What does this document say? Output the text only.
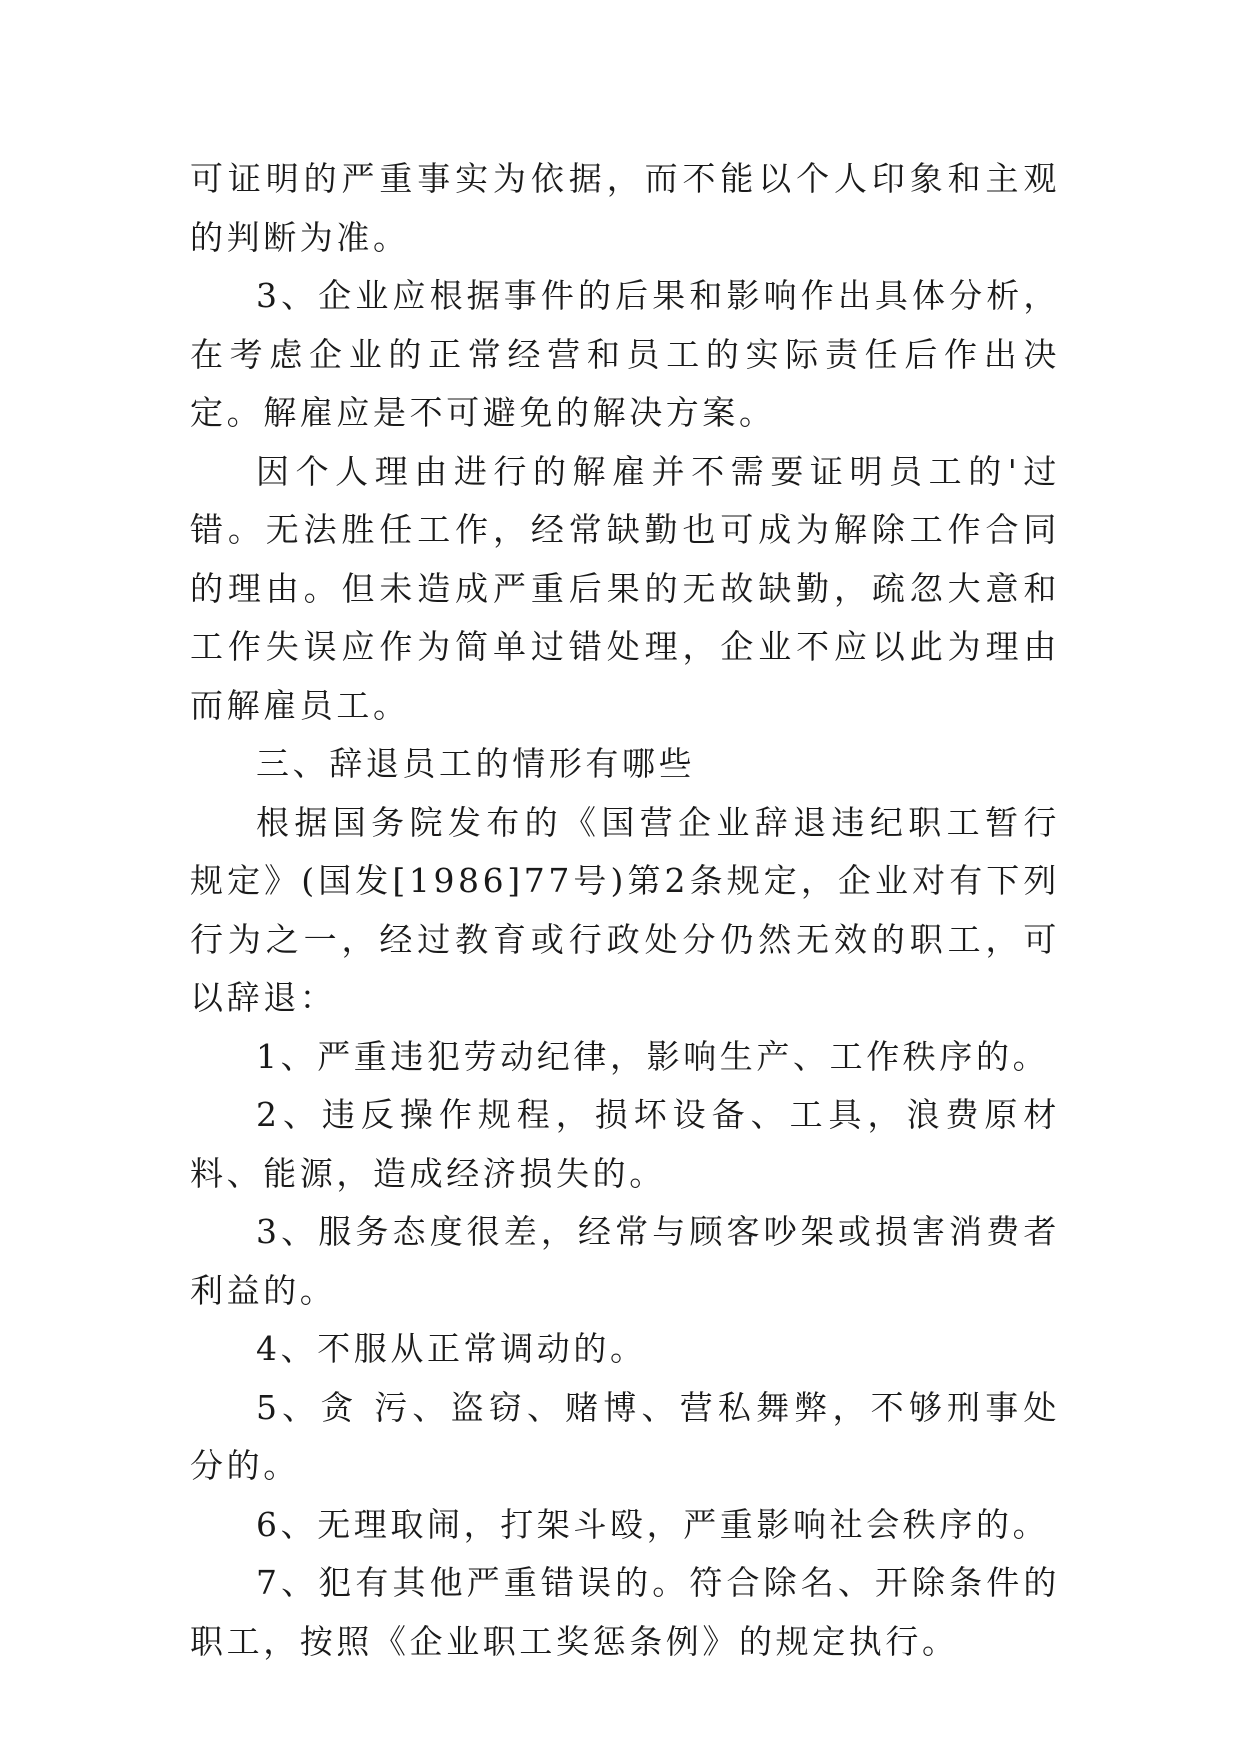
可证明的严重事实为依据，而不能以个人印象和主观的判断为准。

3、企业应根据事件的后果和影响作出具体分析，在考虑企业的正常经营和员工的实际责任后作出决定。解雇应是不可避免的解决方案。

因个人理由进行的解雇并不需要证明员工的'过错。无法胜任工作，经常缺勤也可成为解除工作合同的理由。但未造成严重后果的无故缺勤，疏忽大意和工作失误应作为简单过错处理，企业不应以此为理由而解雇员工。

三、辞退员工的情形有哪些

根据国务院发布的《国营企业辞退违纪职工暂行规定》(国发[1986]77号)第2条规定，企业对有下列行为之一，经过教育或行政处分仍然无效的职工，可以辞退：

1、严重违犯劳动纪律，影响生产、工作秩序的。

2、违反操作规程，损坏设备、工具，浪费原材料、能源，造成经济损失的。

3、服务态度很差，经常与顾客吵架或损害消费者利益的。

4、不服从正常调动的。

5、贪 污、盗窃、赌博、营私舞弊，不够刑事处分的。

6、无理取闹，打架斗殴，严重影响社会秩序的。

7、犯有其他严重错误的。符合除名、开除条件的职工，按照《企业职工奖惩条例》的规定执行。
